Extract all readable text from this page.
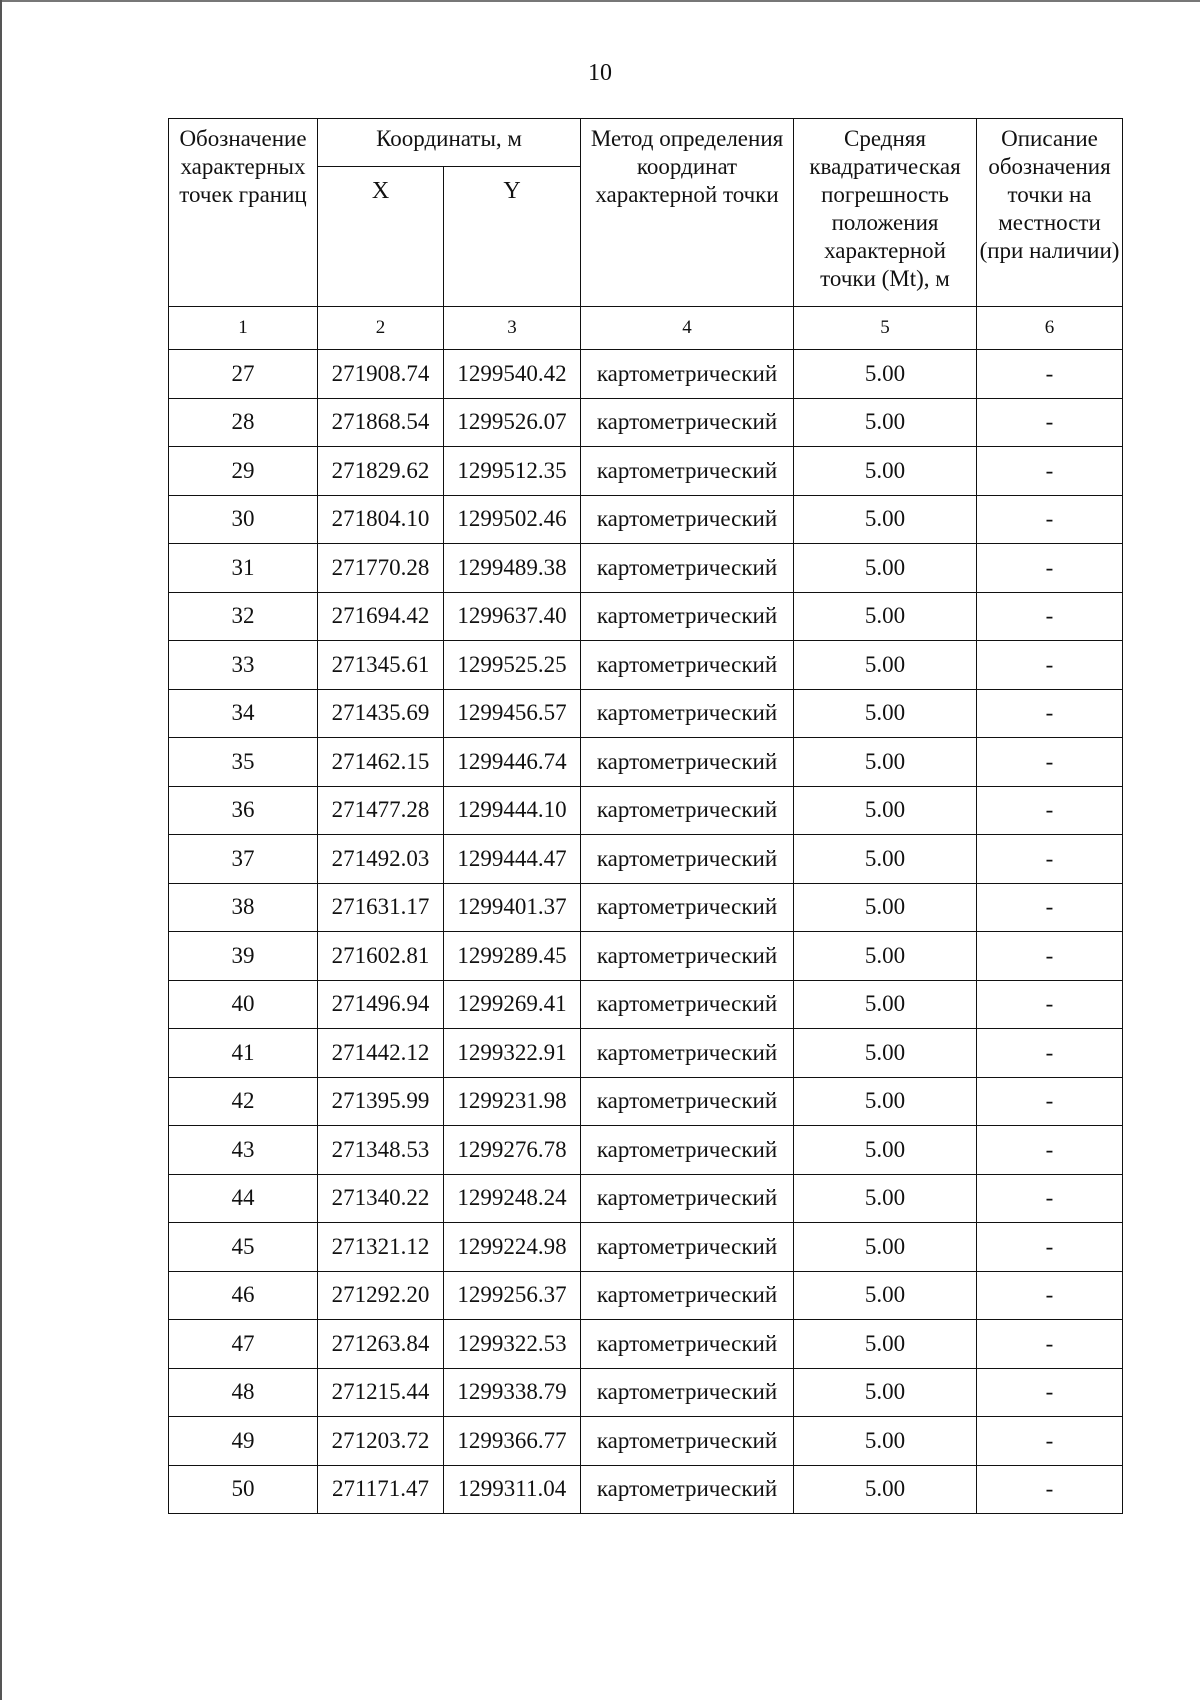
10
Обозначение характерных точек границ	Координаты, м		Метод определения координат характерной точки	Средняя квадратическая погрешность положения характерной точки (Mt), м	Описание обозначения точки на местности (при наличии)
	X	Y			
1	2	3	4	5	6
27	271908.74	1299540.42	картометрический	5.00	-
28	271868.54	1299526.07	картометрический	5.00	-
29	271829.62	1299512.35	картометрический	5.00	-
30	271804.10	1299502.46	картометрический	5.00	-
31	271770.28	1299489.38	картометрический	5.00	-
32	271694.42	1299637.40	картометрический	5.00	-
33	271345.61	1299525.25	картометрический	5.00	-
34	271435.69	1299456.57	картометрический	5.00	-
35	271462.15	1299446.74	картометрический	5.00	-
36	271477.28	1299444.10	картометрический	5.00	-
37	271492.03	1299444.47	картометрический	5.00	-
38	271631.17	1299401.37	картометрический	5.00	-
39	271602.81	1299289.45	картометрический	5.00	-
40	271496.94	1299269.41	картометрический	5.00	-
41	271442.12	1299322.91	картометрический	5.00	-
42	271395.99	1299231.98	картометрический	5.00	-
43	271348.53	1299276.78	картометрический	5.00	-
44	271340.22	1299248.24	картометрический	5.00	-
45	271321.12	1299224.98	картометрический	5.00	-
46	271292.20	1299256.37	картометрический	5.00	-
47	271263.84	1299322.53	картометрический	5.00	-
48	271215.44	1299338.79	картометрический	5.00	-
49	271203.72	1299366.77	картометрический	5.00	-
50	271171.47	1299311.04	картометрический	5.00	-
